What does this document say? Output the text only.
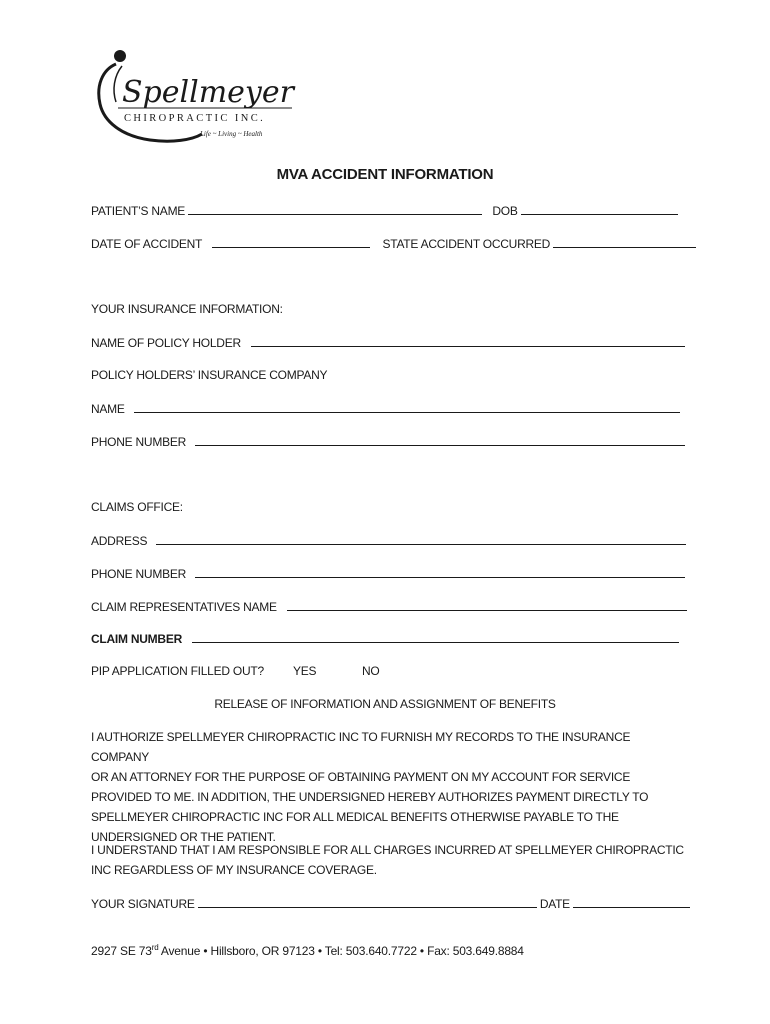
Spellmeyer
CHIROPRACTIC INC.
Life ~ Living ~ Health
MVA ACCIDENT INFORMATION
PATIENT’S NAME	DOB
DATE OF ACCIDENT	STATE ACCIDENT OCCURRED
YOUR INSURANCE INFORMATION:
NAME OF POLICY HOLDER
POLICY HOLDERS’ INSURANCE COMPANY
NAME
PHONE NUMBER
CLAIMS OFFICE:
ADDRESS
PHONE NUMBER
CLAIM REPRESENTATIVES NAME
CLAIM NUMBER
PIP APPLICATION FILLED OUT? YES	NO
RELEASE OF INFORMATION AND ASSIGNMENT OF BENEFITS
I AUTHORIZE SPELLMEYER CHIROPRACTIC INC TO FURNISH MY RECORDS TO THE INSURANCE COMPANY
OR AN ATTORNEY FOR THE PURPOSE OF OBTAINING PAYMENT ON MY ACCOUNT FOR SERVICE
PROVIDED TO ME. IN ADDITION, THE UNDERSIGNED HEREBY AUTHORIZES PAYMENT DIRECTLY TO
SPELLMEYER CHIROPRACTIC INC FOR ALL MEDICAL BENEFITS OTHERWISE PAYABLE TO THE
UNDERSIGNED OR THE PATIENT.
I UNDERSTAND THAT I AM RESPONSIBLE FOR ALL CHARGES INCURRED AT SPELLMEYER CHIROPRACTIC
INC REGARDLESS OF MY INSURANCE COVERAGE.
YOUR SIGNATURE	DATE
2927 SE 73rd Avenue • Hillsboro, OR 97123 • Tel: 503.640.7722 • Fax: 503.649.8884
